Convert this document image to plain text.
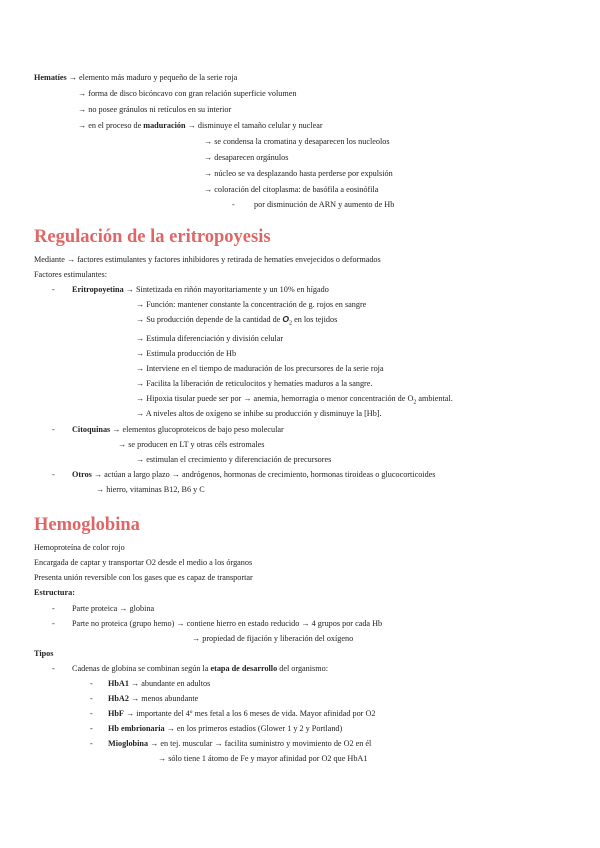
Hematíes → elemento más maduro y pequeño de la serie roja
→ forma de disco bicóncavo con gran relación superficie volumen
→ no posee gránulos ni retículos en su interior
→ en el proceso de maduración → disminuye el tamaño celular y nuclear
→ se condensa la cromatina y desaparecen los nucleolos
→ desaparecen orgánulos
→ núcleo se va desplazando hasta perderse por expulsión
→ coloración del citoplasma: de basófila a eosinófila
- por disminución de ARN y aumento de Hb
Regulación de la eritropoyesis
Mediante → factores estimulantes y factores inhibidores y retirada de hematíes envejecidos o deformados
Factores estimulantes:
- Eritropoyetina → Sintetizada en riñón mayoritariamente y un 10% en hígado
→ Función: mantener constante la concentración de g. rojos en sangre
→ Su producción depende de la cantidad de $O_2$ en los tejidos
→ Estimula diferenciación y división celular
→ Estimula producción de Hb
→ Interviene en el tiempo de maduración de los precursores de la serie roja
→ Facilita la liberación de reticulocitos y hematíes maduros a la sangre.
→ Hipoxia tisular puede ser por → anemia, hemorragia o menor concentración de $O_2$ ambiental.
→ A niveles altos de oxígeno se inhibe su producción y disminuye la [Hb].
- Citoquinas → elementos glucoproteicos de bajo peso molecular
→ se producen en LT y otras céls estromales
→ estimulan el crecimiento y diferenciación de precursores
- Otros → actúan a largo plazo → andrógenos, hormonas de crecimiento, hormonas tiroideas o glucocorticoides
→ hierro, vitaminas B12, B6 y C
Hemoglobina
Hemoproteína de color rojo
Encargada de captar y transportar O2 desde el medio a los órganos
Presenta unión reversible con los gases que es capaz de transportar
Estructura:
- Parte proteica → globina
- Parte no proteica (grupo hemo) → contiene hierro en estado reducido → 4 grupos por cada Hb
→ propiedad de fijación y liberación del oxígeno
Tipos
- Cadenas de globina se combinan según la etapa de desarrollo del organismo:
- HbA1 → abundante en adultos
- HbA2 → menos abundante
- HbF → importante del 4º mes fetal a los 6 meses de vida. Mayor afinidad por O2
- Hb embrionaria → en los primeros estadíos (Glower 1 y 2 y Portland)
- Mioglobina → en tej. muscular → facilita suministro y movimiento de O2 en él
→ sólo tiene 1 átomo de Fe y mayor afinidad por O2 que HbA1
